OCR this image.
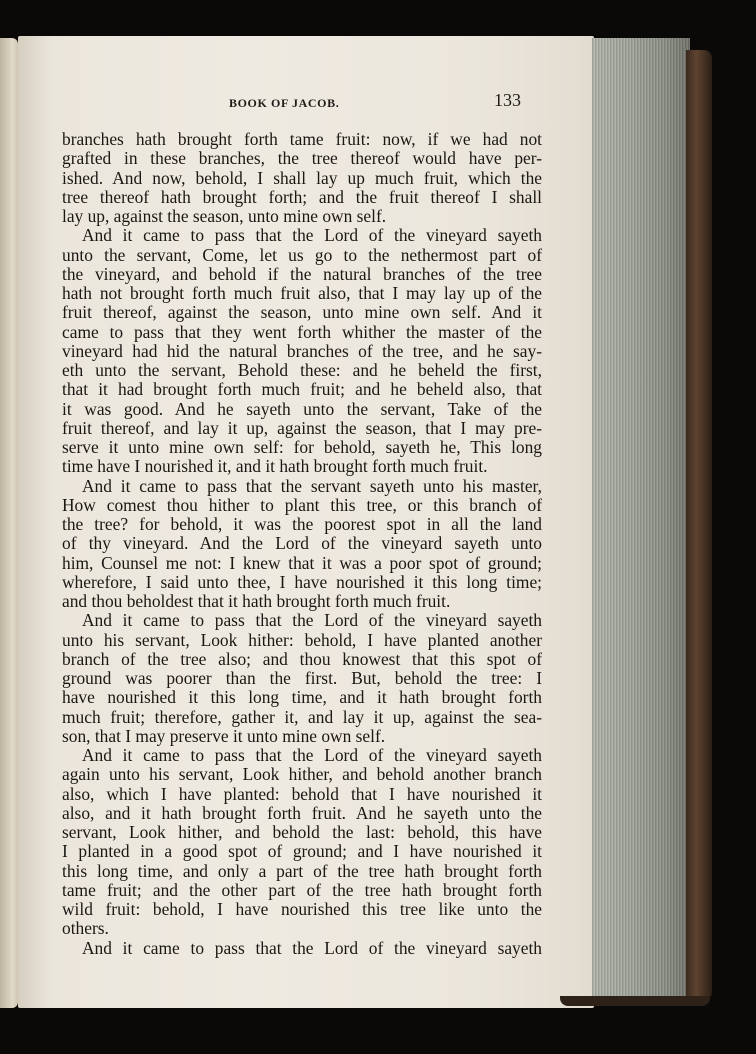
BOOK OF JACOB.	133
branches hath brought forth tame fruit: now, if we had not
grafted in these branches, the tree thereof would have per-
ished. And now, behold, I shall lay up much fruit, which the
tree thereof hath brought forth; and the fruit thereof I shall
lay up, against the season, unto mine own self.
And it came to pass that the Lord of the vineyard sayeth
unto the servant, Come, let us go to the nethermost part of
the vineyard, and behold if the natural branches of the tree
hath not brought forth much fruit also, that I may lay up of the
fruit thereof, against the season, unto mine own self. And it
came to pass that they went forth whither the master of the
vineyard had hid the natural branches of the tree, and he say-
eth unto the servant, Behold these: and he beheld the first,
that it had brought forth much fruit; and he beheld also, that
it was good. And he sayeth unto the servant, Take of the
fruit thereof, and lay it up, against the season, that I may pre-
serve it unto mine own self: for behold, sayeth he, This long
time have I nourished it, and it hath brought forth much fruit.
And it came to pass that the servant sayeth unto his master,
How comest thou hither to plant this tree, or this branch of
the tree? for behold, it was the poorest spot in all the land
of thy vineyard. And the Lord of the vineyard sayeth unto
him, Counsel me not: I knew that it was a poor spot of ground;
wherefore, I said unto thee, I have nourished it this long time;
and thou beholdest that it hath brought forth much fruit.
And it came to pass that the Lord of the vineyard sayeth
unto his servant, Look hither: behold, I have planted another
branch of the tree also; and thou knowest that this spot of
ground was poorer than the first. But, behold the tree: I
have nourished it this long time, and it hath brought forth
much fruit; therefore, gather it, and lay it up, against the sea-
son, that I may preserve it unto mine own self.
And it came to pass that the Lord of the vineyard sayeth
again unto his servant, Look hither, and behold another branch
also, which I have planted: behold that I have nourished it
also, and it hath brought forth fruit. And he sayeth unto the
servant, Look hither, and behold the last: behold, this have
I planted in a good spot of ground; and I have nourished it
this long time, and only a part of the tree hath brought forth
tame fruit; and the other part of the tree hath brought forth
wild fruit: behold, I have nourished this tree like unto the
others.
And it came to pass that the Lord of the vineyard sayeth
